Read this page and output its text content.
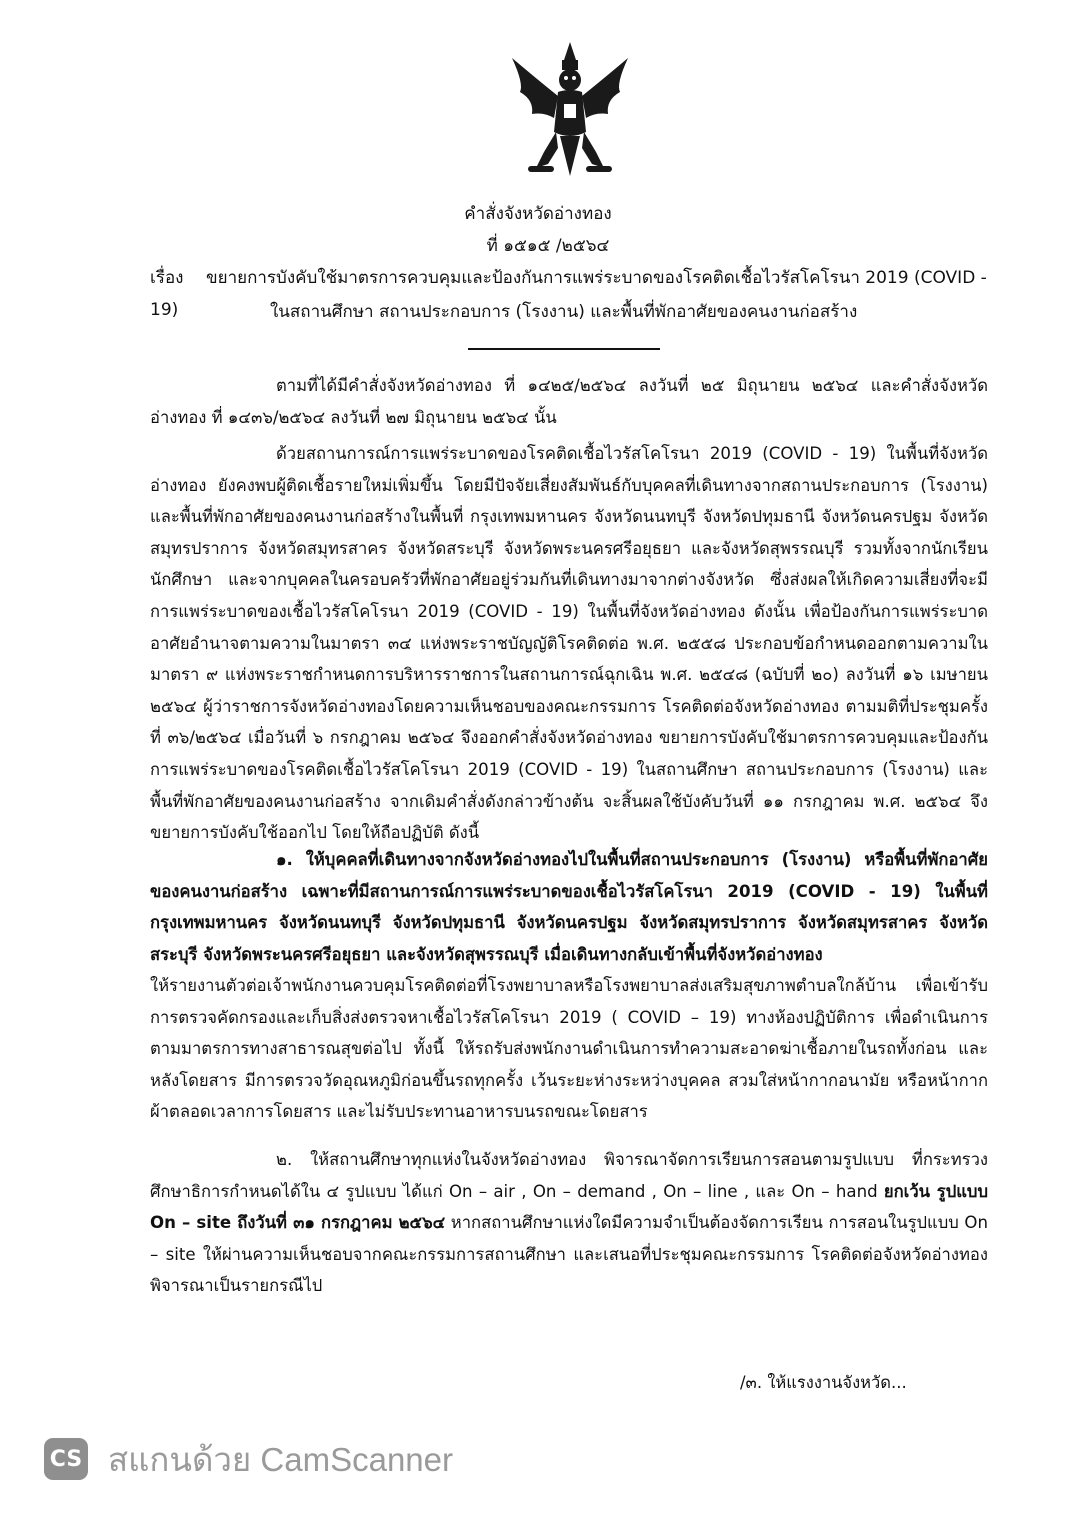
คำสั่งจังหวัดอ่างทอง
ที่ ๑๕๑๕ /๒๕๖๔
เรื่อง ขยายการบังคับใช้มาตรการควบคุมและป้องกันการแพร่ระบาดของโรคติดเชื้อไวรัสโคโรนา 2019 (COVID - 19)	ในสถานศึกษา สถานประกอบการ (โรงงาน) และพื้นที่พักอาศัยของคนงานก่อสร้าง

ตามที่ได้มีคำสั่งจังหวัดอ่างทอง ที่ ๑๔๒๕/๒๕๖๔ ลงวันที่ ๒๕ มิถุนายน ๒๕๖๔ และคำสั่งจังหวัดอ่างทอง ที่ ๑๔๓๖/๒๕๖๔ ลงวันที่ ๒๗ มิถุนายน ๒๕๖๔ นั้น

ด้วยสถานการณ์การแพร่ระบาดของโรคติดเชื้อไวรัสโคโรนา 2019 (COVID - 19) ในพื้นที่จังหวัดอ่างทอง ยังคงพบผู้ติดเชื้อรายใหม่เพิ่มขึ้น โดยมีปัจจัยเสี่ยงสัมพันธ์กับบุคคลที่เดินทางจากสถานประกอบการ (โรงงาน) และพื้นที่พักอาศัยของคนงานก่อสร้างในพื้นที่ กรุงเทพมหานคร จังหวัดนนทบุรี จังหวัดปทุมธานี จังหวัดนครปฐม จังหวัดสมุทรปราการ จังหวัดสมุทรสาคร จังหวัดสระบุรี จังหวัดพระนครศรีอยุธยา และจังหวัดสุพรรณบุรี รวมทั้งจากนักเรียน นักศึกษา และจากบุคคลในครอบครัวที่พักอาศัยอยู่ร่วมกันที่เดินทางมาจากต่างจังหวัด ซึ่งส่งผลให้เกิดความเสี่ยงที่จะมีการแพร่ระบาดของเชื้อไวรัสโคโรนา 2019 (COVID - 19) ในพื้นที่จังหวัดอ่างทอง ดังนั้น เพื่อป้องกันการแพร่ระบาด อาศัยอำนาจตามความในมาตรา ๓๔ แห่งพระราชบัญญัติโรคติดต่อ พ.ศ. ๒๕๕๘ ประกอบข้อกำหนดออกตามความในมาตรา ๙ แห่งพระราชกำหนดการบริหารราชการในสถานการณ์ฉุกเฉิน พ.ศ. ๒๕๔๘ (ฉบับที่ ๒๐) ลงวันที่ ๑๖ เมษายน ๒๕๖๔ ผู้ว่าราชการจังหวัดอ่างทองโดยความเห็นชอบของคณะกรรมการ โรคติดต่อจังหวัดอ่างทอง ตามมติที่ประชุมครั้งที่ ๓๖/๒๕๖๔ เมื่อวันที่ ๖ กรกฎาคม ๒๕๖๔ จึงออกคำสั่งจังหวัดอ่างทอง ขยายการบังคับใช้มาตรการควบคุมและป้องกันการแพร่ระบาดของโรคติดเชื้อไวรัสโคโรนา 2019 (COVID - 19) ในสถานศึกษา สถานประกอบการ (โรงงาน) และพื้นที่พักอาศัยของคนงานก่อสร้าง จากเดิมคำสั่งดังกล่าวข้างต้น จะสิ้นผลใช้บังคับวันที่ ๑๑ กรกฎาคม พ.ศ. ๒๕๖๔ จึงขยายการบังคับใช้ออกไป โดยให้ถือปฏิบัติ ดังนี้

๑. ให้บุคคลที่เดินทางจากจังหวัดอ่างทองไปในพื้นที่สถานประกอบการ (โรงงาน) หรือพื้นที่พักอาศัย ของคนงานก่อสร้าง เฉพาะที่มีสถานการณ์การแพร่ระบาดของเชื้อไวรัสโคโรนา 2019 (COVID - 19) ในพื้นที่ กรุงเทพมหานคร จังหวัดนนทบุรี จังหวัดปทุมธานี จังหวัดนครปฐม จังหวัดสมุทรปราการ จังหวัดสมุทรสาคร จังหวัดสระบุรี จังหวัดพระนครศรีอยุธยา และจังหวัดสุพรรณบุรี เมื่อเดินทางกลับเข้าพื้นที่จังหวัดอ่างทอง

ให้รายงานตัวต่อเจ้าพนักงานควบคุมโรคติดต่อที่โรงพยาบาลหรือโรงพยาบาลส่งเสริมสุขภาพตำบลใกล้บ้าน เพื่อเข้ารับการตรวจคัดกรองและเก็บสิ่งส่งตรวจหาเชื้อไวรัสโคโรนา 2019 ( COVID – 19) ทางห้องปฏิบัติการ เพื่อดำเนินการ ตามมาตรการทางสาธารณสุขต่อไป ทั้งนี้ ให้รถรับส่งพนักงานดำเนินการทำความสะอาดฆ่าเชื้อภายในรถทั้งก่อน และหลังโดยสาร มีการตรวจวัดอุณหภูมิก่อนขึ้นรถทุกครั้ง เว้นระยะห่างระหว่างบุคคล สวมใส่หน้ากากอนามัย หรือหน้ากากผ้าตลอดเวลาการโดยสาร และไม่รับประทานอาหารบนรถขณะโดยสาร

๒. ให้สถานศึกษาทุกแห่งในจังหวัดอ่างทอง พิจารณาจัดการเรียนการสอนตามรูปแบบ ที่กระทรวงศึกษาธิการกำหนดได้ใน ๔ รูปแบบ ได้แก่ On – air , On – demand , On – line , และ On – hand ยกเว้น รูปแบบ On – site ถึงวันที่ ๓๑ กรกฎาคม ๒๕๖๔ หากสถานศึกษาแห่งใดมีความจำเป็นต้องจัดการเรียน การสอนในรูปแบบ On – site ให้ผ่านความเห็นชอบจากคณะกรรมการสถานศึกษา และเสนอที่ประชุมคณะกรรมการ โรคติดต่อจังหวัดอ่างทองพิจารณาเป็นรายกรณีไป

/๓. ให้แรงงานจังหวัด...
CS สแกนด้วย CamScanner
